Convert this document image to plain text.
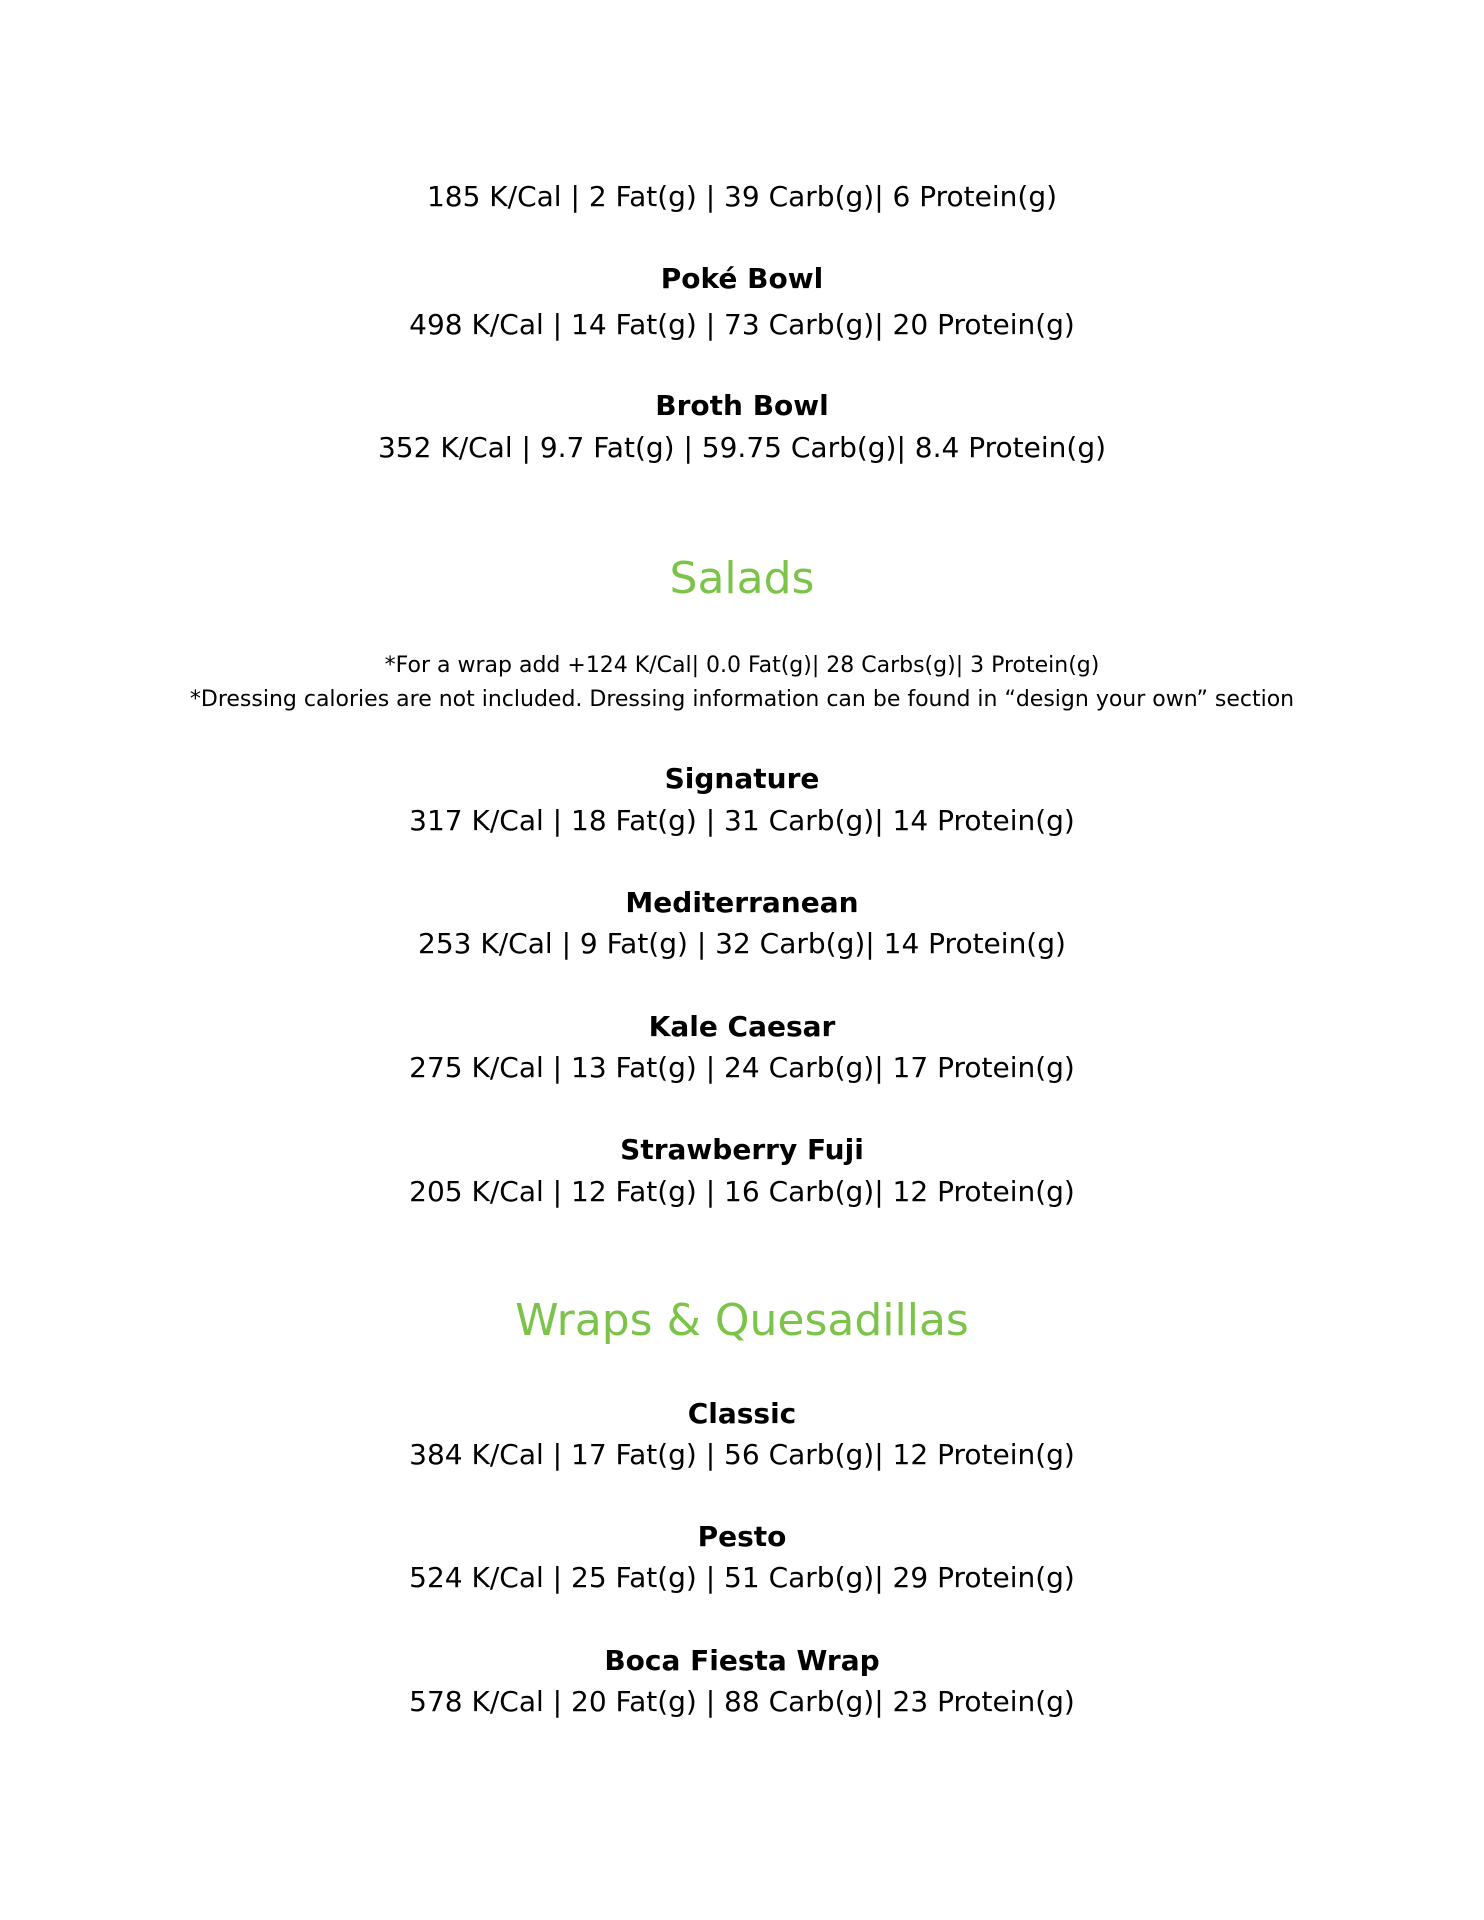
185 K/Cal | 2 Fat(g) | 39 Carb(g)| 6 Protein(g)
Poké Bowl
498 K/Cal | 14 Fat(g) | 73 Carb(g)| 20 Protein(g)
Broth Bowl
352 K/Cal | 9.7 Fat(g) | 59.75 Carb(g)| 8.4 Protein(g)
Salads
*For a wrap add +124 K/Cal| 0.0 Fat(g)| 28 Carbs(g)| 3 Protein(g)
*Dressing calories are not included. Dressing information can be found in “design your own” section
Signature
317 K/Cal | 18 Fat(g) | 31 Carb(g)| 14 Protein(g)
Mediterranean
253 K/Cal | 9 Fat(g) | 32 Carb(g)| 14 Protein(g)
Kale Caesar
275 K/Cal | 13 Fat(g) | 24 Carb(g)| 17 Protein(g)
Strawberry Fuji
205 K/Cal | 12 Fat(g) | 16 Carb(g)| 12 Protein(g)
Wraps & Quesadillas
Classic
384 K/Cal | 17 Fat(g) | 56 Carb(g)| 12 Protein(g)
Pesto
524 K/Cal | 25 Fat(g) | 51 Carb(g)| 29 Protein(g)
Boca Fiesta Wrap
578 K/Cal | 20 Fat(g) | 88 Carb(g)| 23 Protein(g)
